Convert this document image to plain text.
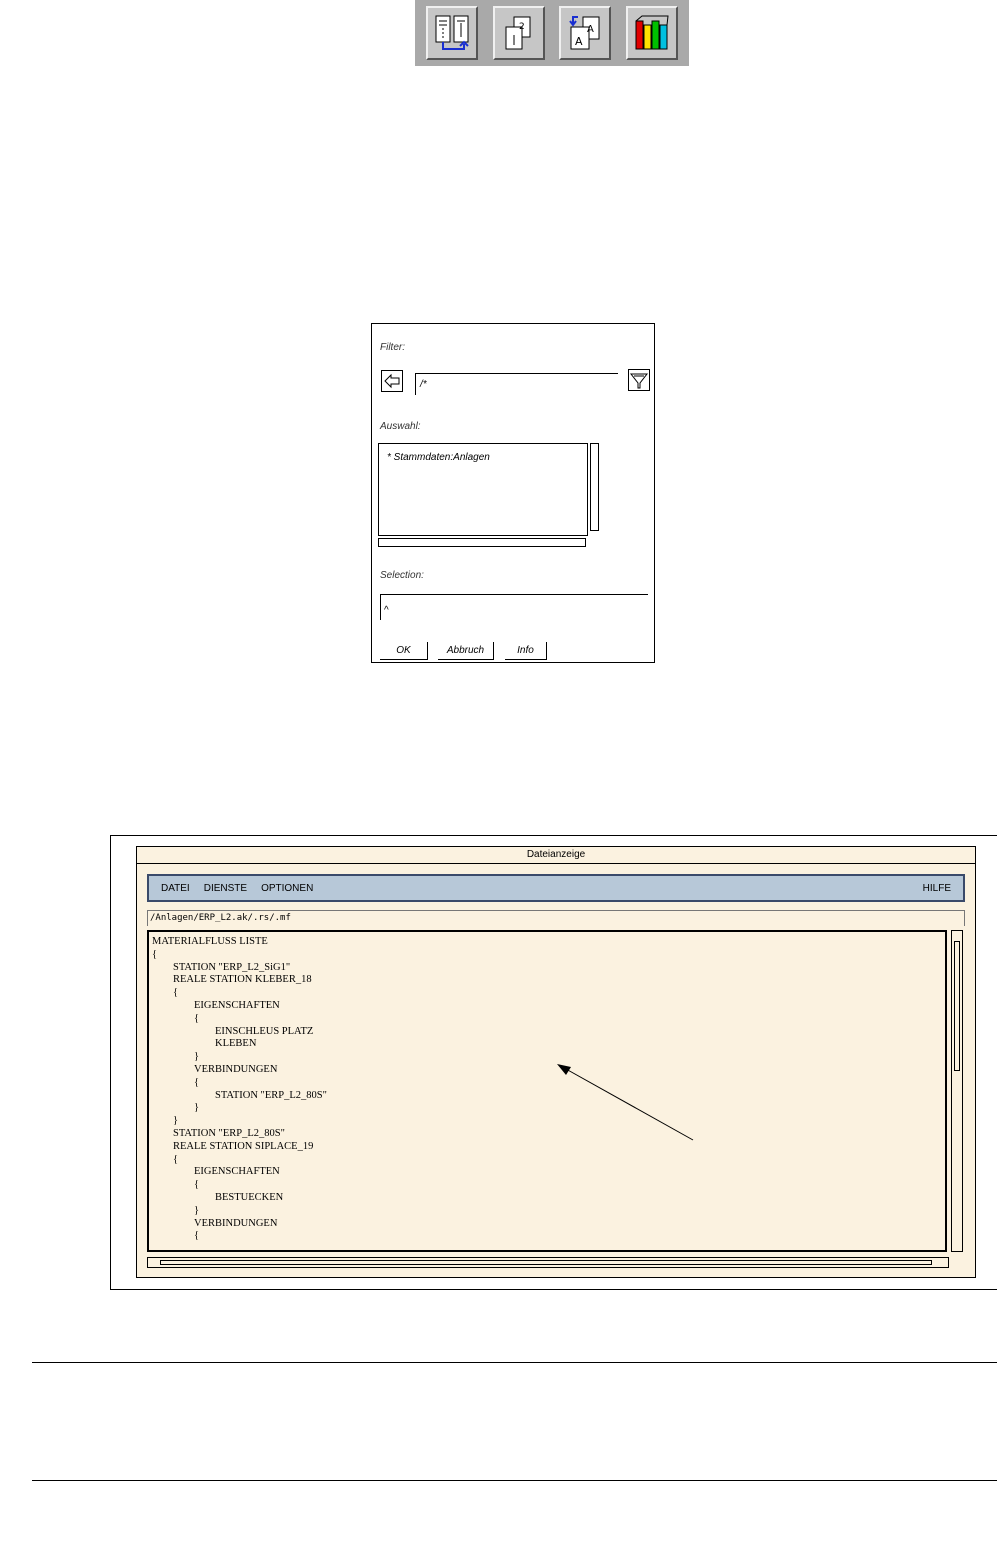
2	A
A
Filter:
/*
Auswahl:
* Stammdaten:Anlagen
Selection:
^
OK	Abbruch	Info
Dateianzeige
DATEI DIENSTE OPTIONEN	HILFE
/Anlagen/ERP_L2.ak/.rs/.mf
MATERIALFLUSS LISTE
{
	STATION "ERP_L2_SiG1"
	REALE STATION KLEBER_18
	{
		EIGENSCHAFTEN
		{
			EINSCHLEUS PLATZ
			KLEBEN
		}
		VERBINDUNGEN
		{
			STATION "ERP_L2_80S"
		}
	}
	STATION "ERP_L2_80S"
	REALE STATION SIPLACE_19
	{
		EIGENSCHAFTEN
		{
			BESTUECKEN
		}
		VERBINDUNGEN
		{
